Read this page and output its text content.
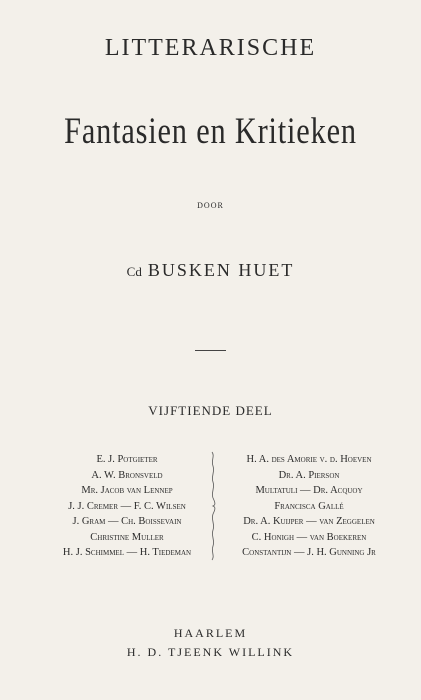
LITTERARISCHE
Fantasien en Kritieken
DOOR
Cd BUSKEN HUET
VIJFTIENDE DEEL
E. J. Potgieter
A. W. Bronsveld
Mr. Jacob van Lennep
J. J. Cremer — F. C. Wilsen
J. Gram — Ch. Boissevain
Christine Muller
H. J. Schimmel — H. Tiedeman
H. A. des Amorie v. d. Hoeven
Dr. A. Pierson
Multatuli — Dr. Acquoy
Francisca Gallé
Dr. A. Kuijper — van Zeggelen
C. Honigh — van Boekeren
Constantijn — J. H. Gunning Jr
HAARLEM
H. D. TJEENK WILLINK
